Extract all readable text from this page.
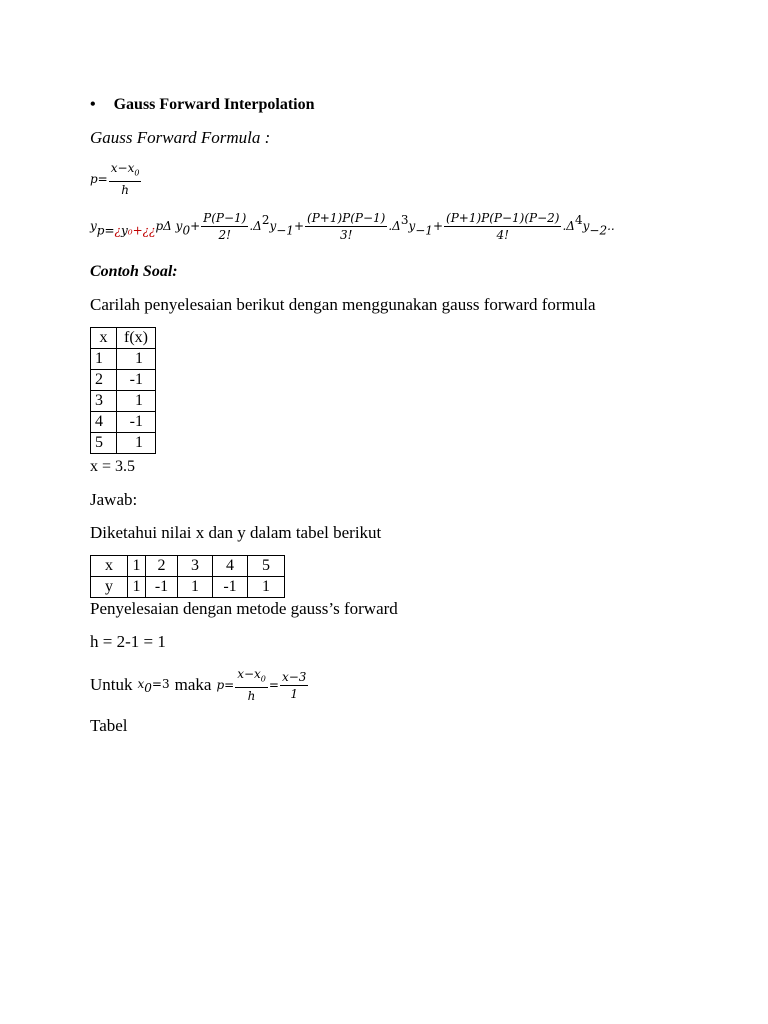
• Gauss Forward Interpolation
Gauss Forward Formula :
$p= \frac{x-x_0}{h}$
$y_{p=¿y_0+¿¿}p\Delta$ $y_0+ \frac{P(P-1)}{2!} .\Delta^2y_{-1}+ \frac{(P+1)P(P-1)}{3!} .\Delta^3y_{-1}+ \frac{(P+1)P(P-1)(P-2)}{4!} .\Delta^4y_{-2}$..
Contoh Soal:
Carilah penyelesaian berikut dengan menggunakan gauss forward formula
x	f(x)
1	1
2	-1
3	1
4	-1
5	1
x = 3.5
Jawab:
Diketahui nilai x dan y dalam tabel berikut
x	1	2	3	4	5
y	1	-1	1	-1	1
Penyelesaian dengan metode gauss’s forward
h = 2-1 = 1
Untuk $x_0=3$ maka $p= \frac{x-x_0}{h} = \frac{x-3}{1}$
Tabel
